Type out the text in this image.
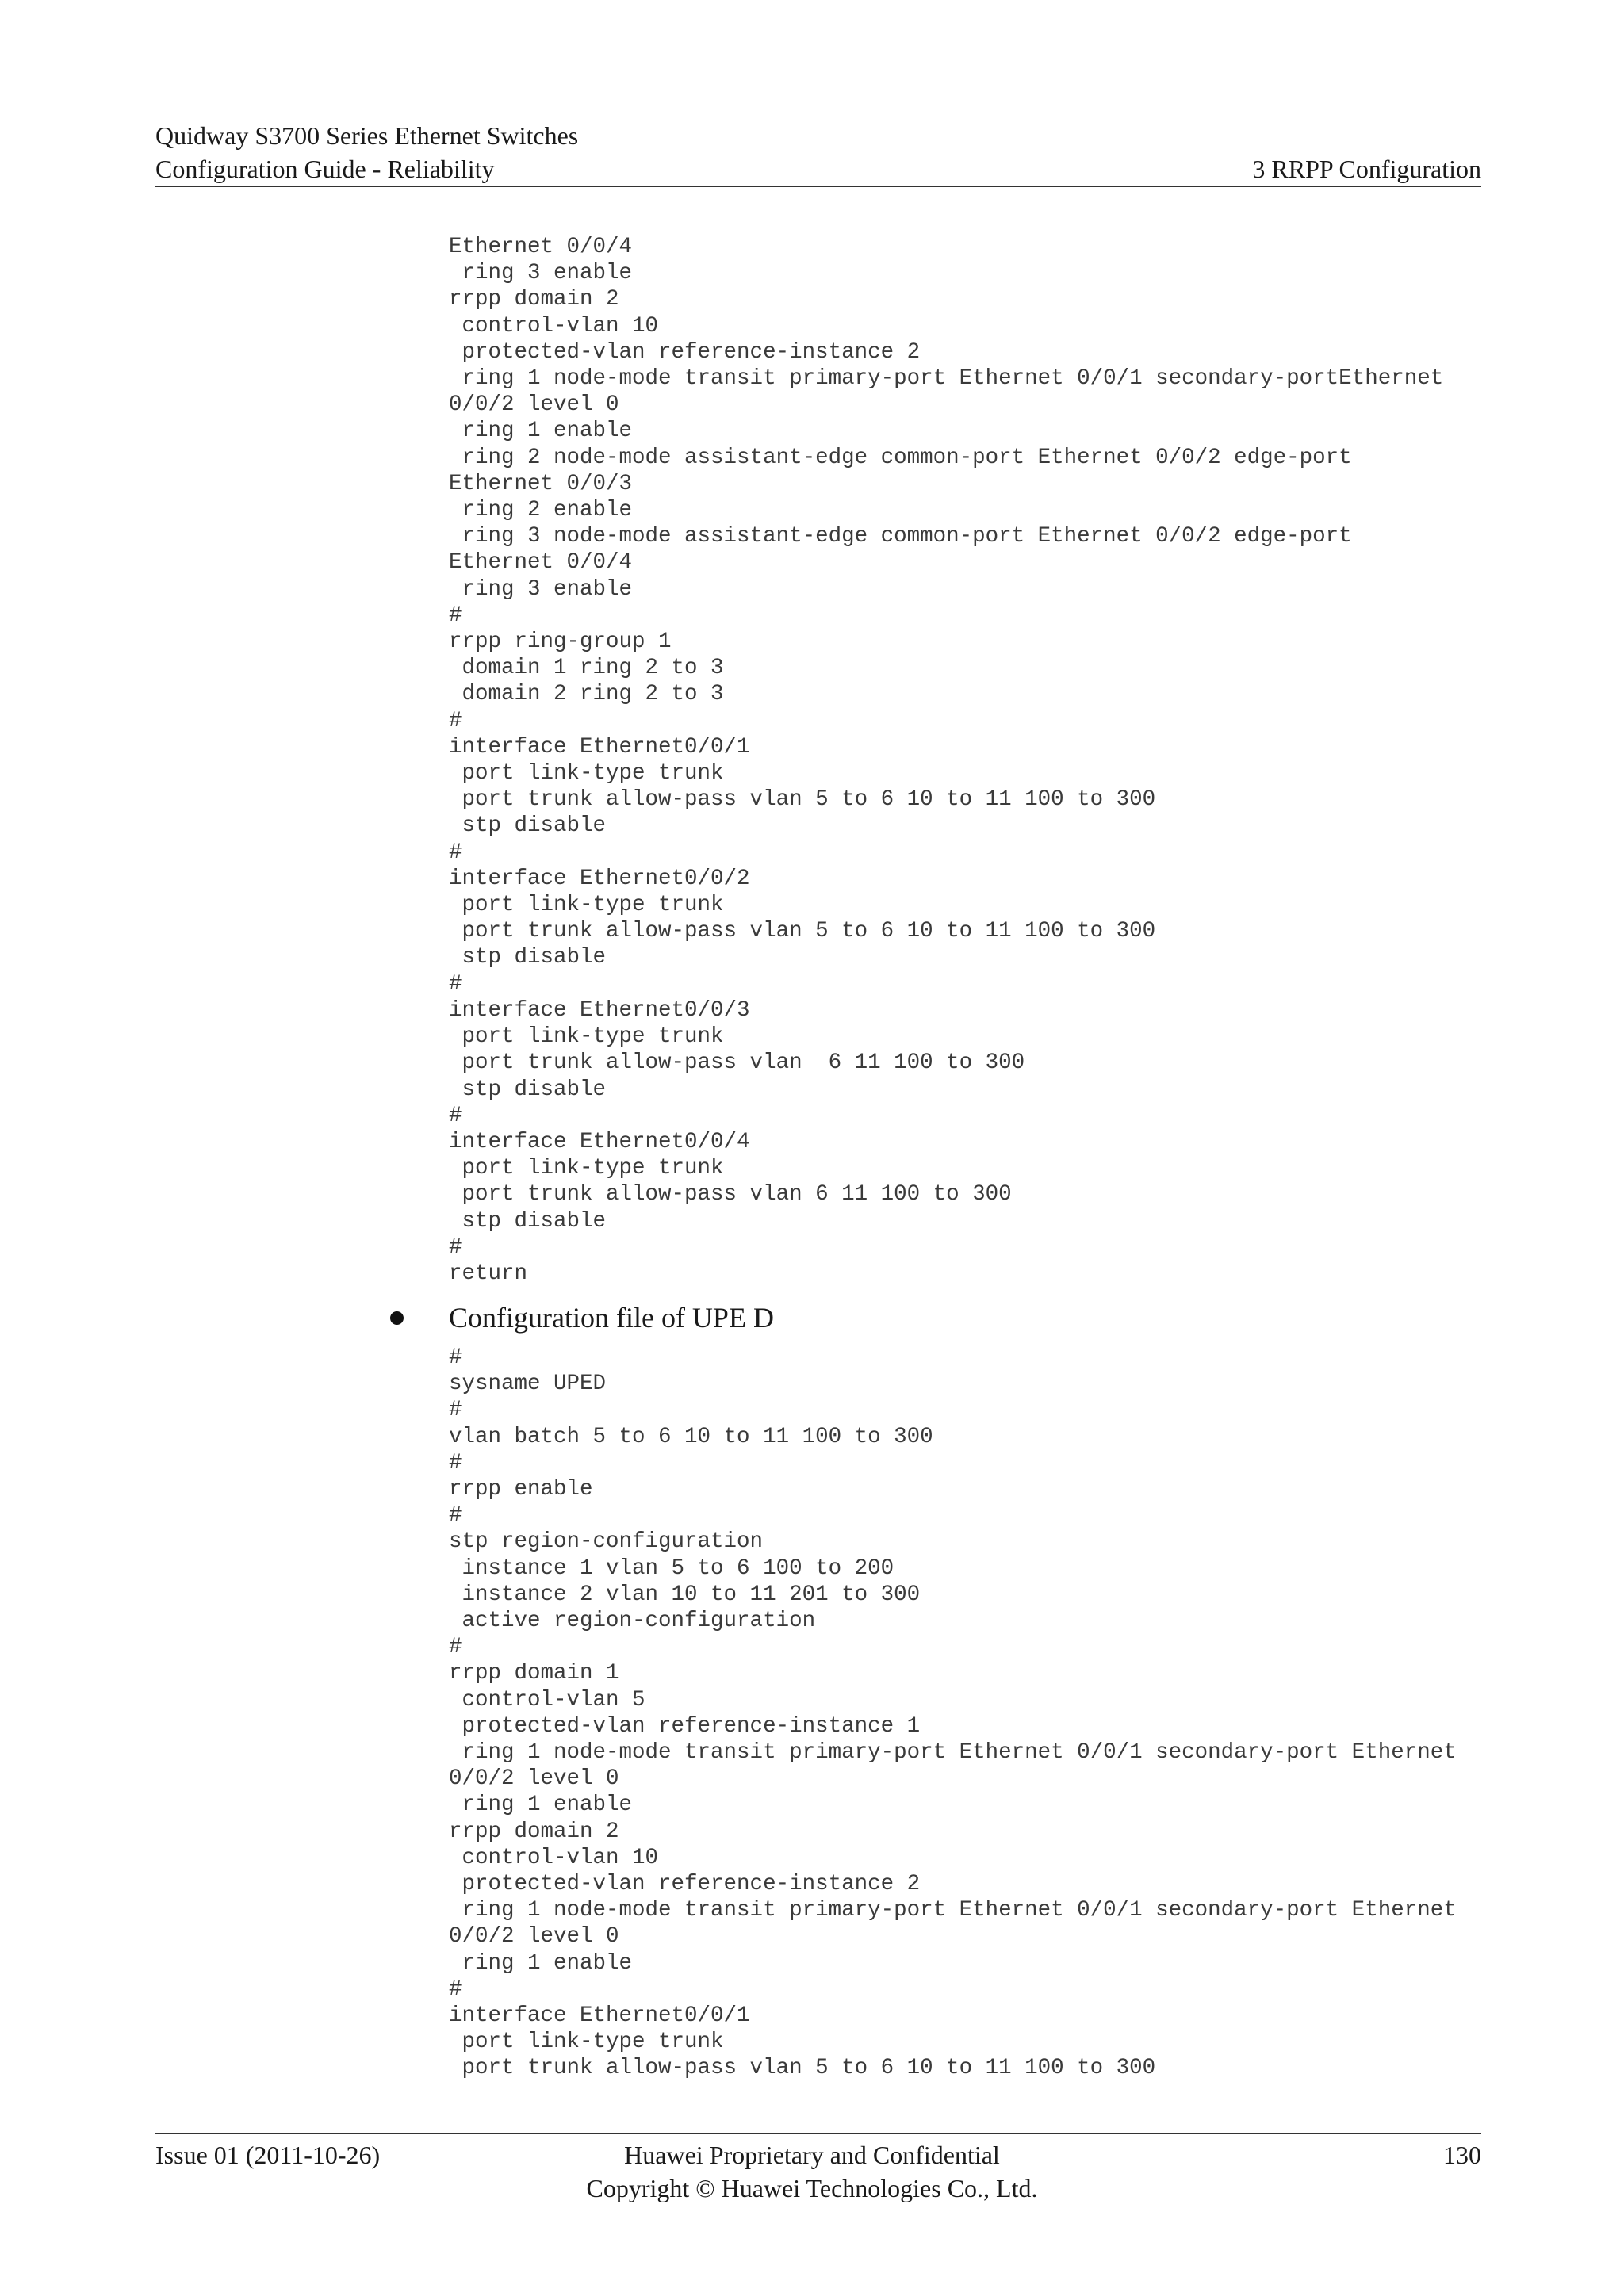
Quidway S3700 Series Ethernet Switches
Configuration Guide - Reliability	3 RRPP Configuration
Ethernet 0/0/4
ring 3 enable
rrpp domain 2
control-vlan 10
protected-vlan reference-instance 2
ring 1 node-mode transit primary-port Ethernet 0/0/1 secondary-portEthernet
0/0/2 level 0
ring 1 enable
ring 2 node-mode assistant-edge common-port Ethernet 0/0/2 edge-port
Ethernet 0/0/3
ring 2 enable
ring 3 node-mode assistant-edge common-port Ethernet 0/0/2 edge-port
Ethernet 0/0/4
ring 3 enable
#
rrpp ring-group 1
domain 1 ring 2 to 3
domain 2 ring 2 to 3
#
interface Ethernet0/0/1
port link-type trunk
port trunk allow-pass vlan 5 to 6 10 to 11 100 to 300
stp disable
#
interface Ethernet0/0/2
port link-type trunk
port trunk allow-pass vlan 5 to 6 10 to 11 100 to 300
stp disable
#
interface Ethernet0/0/3
port link-type trunk
port trunk allow-pass vlan  6 11 100 to 300
stp disable
#
interface Ethernet0/0/4
port link-type trunk
port trunk allow-pass vlan 6 11 100 to 300
stp disable
#
return
Configuration file of UPE D
#
sysname UPED
#
vlan batch 5 to 6 10 to 11 100 to 300
#
rrpp enable
#
stp region-configuration
instance 1 vlan 5 to 6 100 to 200
instance 2 vlan 10 to 11 201 to 300
active region-configuration
#
rrpp domain 1
control-vlan 5
protected-vlan reference-instance 1
ring 1 node-mode transit primary-port Ethernet 0/0/1 secondary-port Ethernet
0/0/2 level 0
ring 1 enable
rrpp domain 2
control-vlan 10
protected-vlan reference-instance 2
ring 1 node-mode transit primary-port Ethernet 0/0/1 secondary-port Ethernet
0/0/2 level 0
ring 1 enable
#
interface Ethernet0/0/1
port link-type trunk
port trunk allow-pass vlan 5 to 6 10 to 11 100 to 300
Issue 01 (2011-10-26)	Huawei Proprietary and Confidential
Copyright © Huawei Technologies Co., Ltd.
130
